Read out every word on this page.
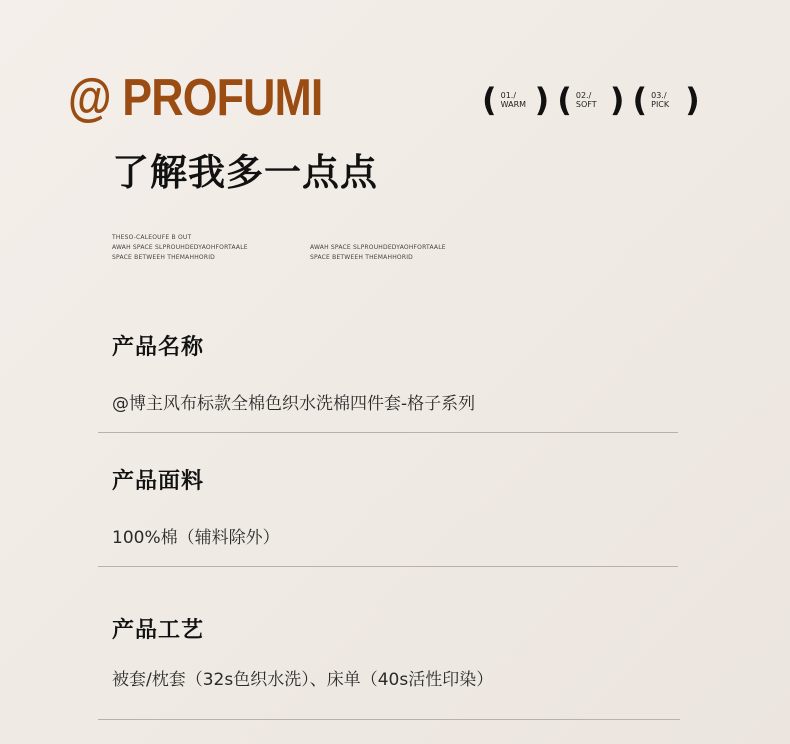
@ PROFUMI	( 01./
WARM ) ( 02./
SOFT ) ( 03./
PICK )
了解我多一点点
THESO-CALEOUFE B OUT
AWAH SPACE SLPROUHDEDYAOHFORTAALE
SPACE BETWEEH THEMAHHORID
AWAH SPACE SLPROUHDEDYAOHFORTAALE
SPACE BETWEEH THEMAHHORID
产品名称
@博主风布标款全棉色织水洗棉四件套-格子系列
产品面料
100%棉（辅料除外）
产品工艺
被套/枕套（32s色织水洗）、床单（40s活性印染）
